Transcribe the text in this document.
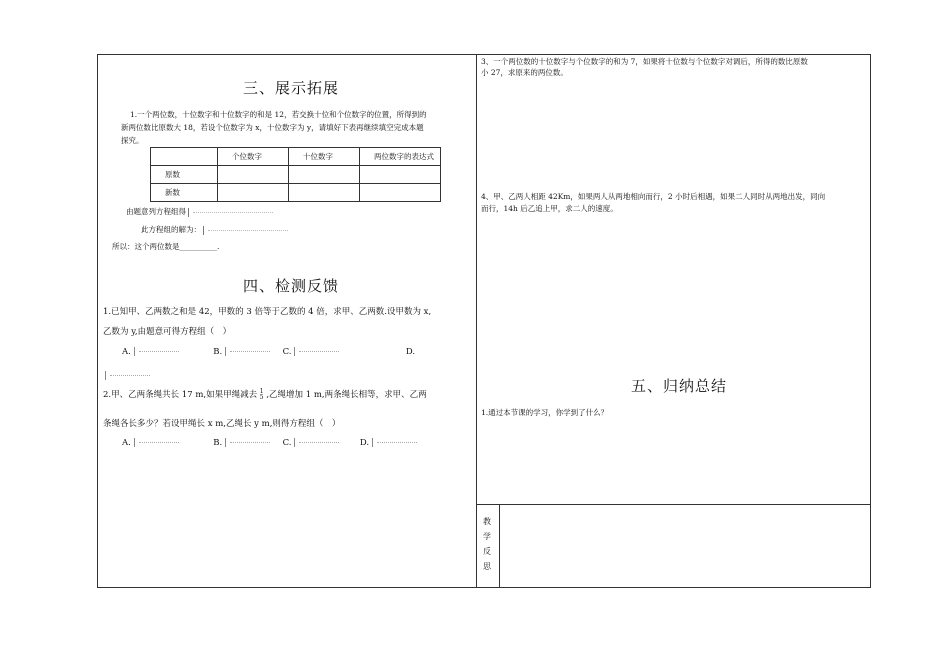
三、展示拓展
1.一个两位数，十位数字和十位数字的和是 12，若交换十位和个位数字的位置，所得到的
新两位数比原数大 18，若设个位数字为 x，十位数字为 y，请填好下表再继续填空完成本题
探究。
	个位数字	十位数字	两位数字的表达式
原数			
新数			
由题意列方程组得
此方程组的解为：
所以：这个两位数是__________.
四、检测反馈
1.已知甲、乙两数之和是 42，甲数的 3 倍等于乙数的 4 倍，求甲、乙两数.设甲数为 x,
乙数为 y,由题意可得方程组（　）
A.	B.	C.	D.
2.甲、乙两条绳共长 17 m,如果甲绳减去 1
5 ,乙绳增加 1 m,两条绳长相等，求甲、乙两
条绳各长多少？若设甲绳长 x m,乙绳长 y m,则得方程组（　）
A.	B.	C.	D.
3、一个两位数的十位数字与个位数字的和为 7，如果将十位数与个位数字对调后，所得的数比原数
小 27，求原来的两位数。
4、甲、乙两人相距 42Km，如果两人从两地相向而行，2 小时后相遇，如果二人同时从两地出发，同向
而行，14h 后乙追上甲，求二人的速度。
五、归纳总结
1.通过本节课的学习，你学到了什么？
教
学
反
思
